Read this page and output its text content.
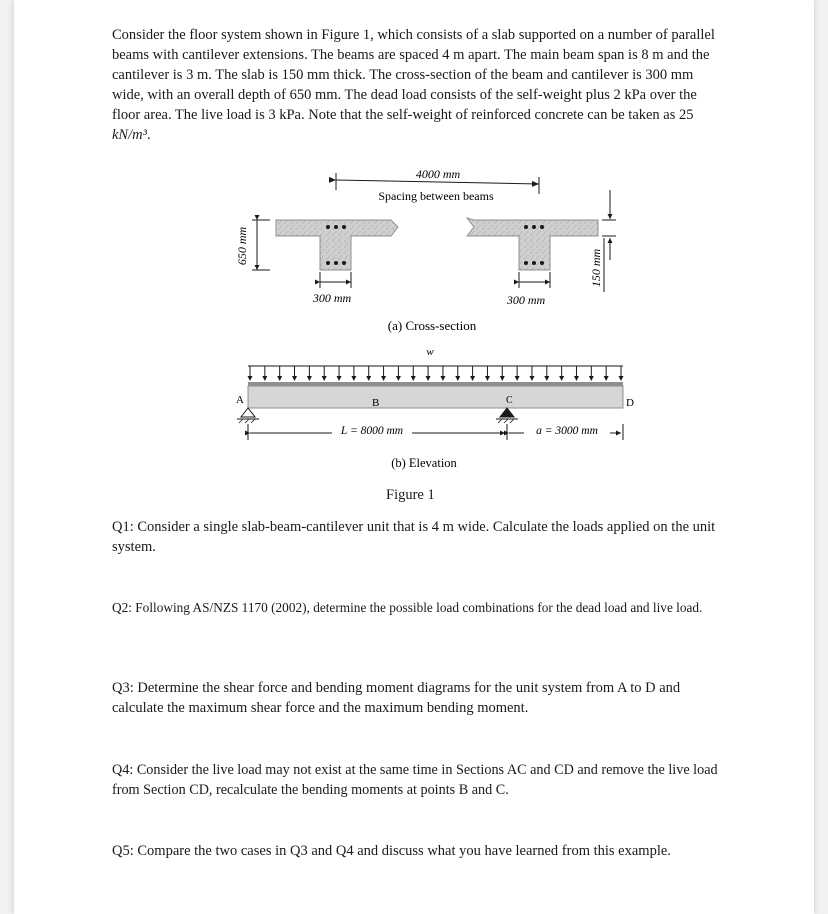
Consider the floor system shown in Figure 1, which consists of a slab supported on a number of parallel beams with cantilever extensions. The beams are spaced 4 m apart. The main beam span is 8 m and the cantilever is 3 m. The slab is 150 mm thick. The cross-section of the beam and cantilever is 300 mm wide, with an overall depth of 650 mm. The dead load consists of the self-weight plus 2 kPa over the floor area. The live load is 3 kPa. Note that the self-weight of reinforced concrete can be taken as 25 kN/m³.

4000 mm
Spacing between beams
650 mm
300 mm	300 mm
150 mm
(a) Cross-section
w
A	B	C	D
L = 8000 mm	a = 3000 mm
(b) Elevation
Figure 1

Q1: Consider a single slab-beam-cantilever unit that is 4 m wide. Calculate the loads applied on the unit system.

Q2: Following AS/NZS 1170 (2002), determine the possible load combinations for the dead load and live load.

Q3: Determine the shear force and bending moment diagrams for the unit system from A to D and calculate the maximum shear force and the maximum bending moment.

Q4: Consider the live load may not exist at the same time in Sections AC and CD and remove the live load from Section CD, recalculate the bending moments at points B and C.

Q5: Compare the two cases in Q3 and Q4 and discuss what you have learned from this example.
